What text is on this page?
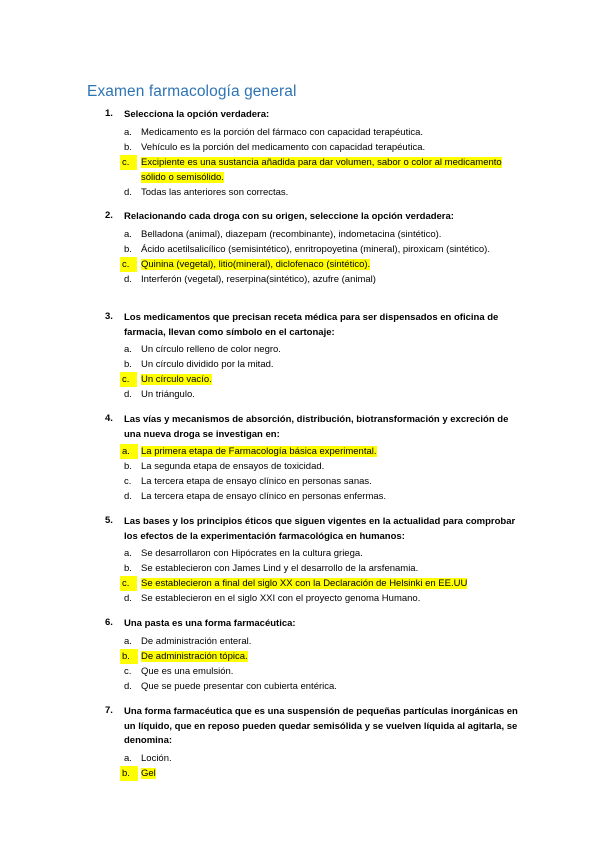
Examen farmacología general
1. Selecciona la opción verdadera:
a. Medicamento es la porción del fármaco con capacidad terapéutica.
b. Vehículo es la porción del medicamento con capacidad terapéutica.
c.	Excipiente es una sustancia añadida para dar volumen, sabor o color al medicamento sólido o semisólido.
d. Todas las anteriores son correctas.
2. Relacionando cada droga con su origen, seleccione la opción verdadera:
a. Belladona (animal), diazepam (recombinante), indometacina (sintético).
b. Ácido acetilsalicílico (semisintético), enritropoyetina (mineral), piroxicam (sintético).
c.	Quinina (vegetal), litio(mineral), diclofenaco (sintético).
d. Interferón (vegetal), reserpina(sintético), azufre (animal)
3. Los medicamentos que precisan receta médica para ser dispensados en oficina de farmacia, llevan como símbolo en el cartonaje:
a. Un círculo relleno de color negro.
b. Un círculo dividido por la mitad.
c.	Un círculo vacío.
d. Un triángulo.
4. Las vías y mecanismos de absorción, distribución, biotransformación y excreción de una nueva droga se investigan en:
a.	La primera etapa de Farmacología básica experimental.
b. La segunda etapa de ensayos de toxicidad.
c. La tercera etapa de ensayo clínico en personas sanas.
d. La tercera etapa de ensayo clínico en personas enfermas.
5. Las bases y los principios éticos que siguen vigentes en la actualidad para comprobar los efectos de la experimentación farmacológica en humanos:
a. Se desarrollaron con Hipócrates en la cultura griega.
b. Se establecieron con James Lind y el desarrollo de la arsfenamia.
c.	Se establecieron a final del siglo XX con la Declaración de Helsinki en EE.UU
d. Se establecieron en el siglo XXI con el proyecto genoma Humano.
6. Una pasta es una forma farmacéutica:
a. De administración enteral.
b.	De administración tópica.
c. Que es una emulsión.
d. Que se puede presentar con cubierta entérica.
7. Una forma farmacéutica que es una suspensión de pequeñas partículas inorgánicas en un líquido, que en reposo pueden quedar semisólida y se vuelven líquida al agitarla, se denomina:
a. Loción.
b.	Gel
